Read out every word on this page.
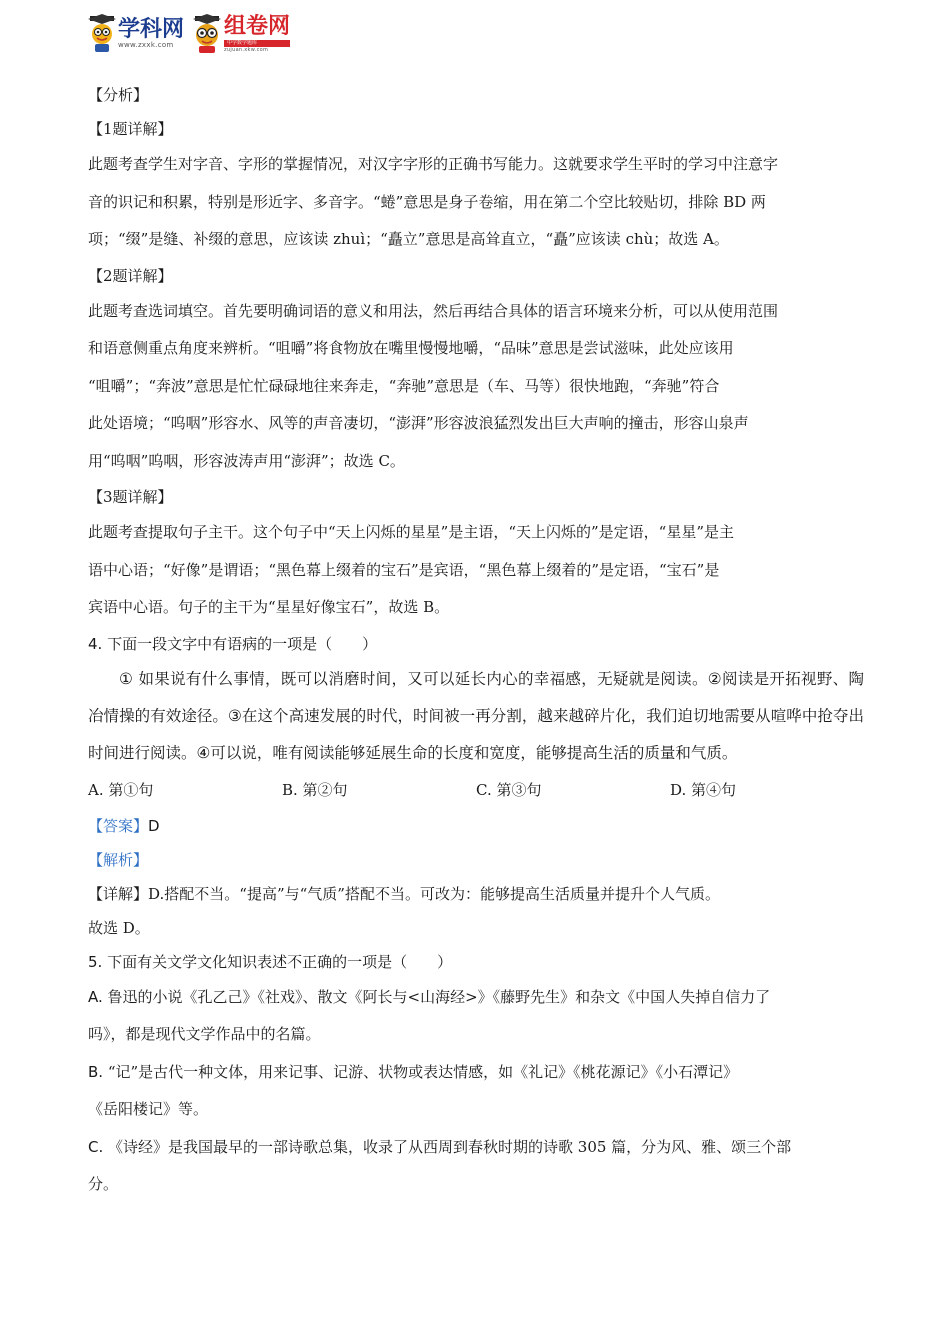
学科网
www.zxxk.com
组卷网
中学数学题库
zujuan.xkw.com

【分析】

【1题详解】

此题考查学生对字音、字形的掌握情况，对汉字字形的正确书写能力。这就要求学生平时的学习中注意字

音的识记和积累，特别是形近字、多音字。“蜷”意思是身子卷缩，用在第二个空比较贴切，排除 BD 两

项；“缀”是缝、补缀的意思，应该读 zhuì；“矗立”意思是高耸直立，“矗”应该读 chù；故选 A。

【2题详解】

此题考查选词填空。首先要明确词语的意义和用法，然后再结合具体的语言环境来分析，可以从使用范围

和语意侧重点角度来辨析。“咀嚼”将食物放在嘴里慢慢地嚼，“品味”意思是尝试滋味，此处应该用

“咀嚼”；“奔波”意思是忙忙碌碌地往来奔走，“奔驰”意思是（车、马等）很快地跑，“奔驰”符合

此处语境；“呜咽”形容水、风等的声音凄切，“澎湃”形容波浪猛烈发出巨大声响的撞击，形容山泉声

用“呜咽”呜咽，形容波涛声用“澎湃”；故选 C。

【3题详解】

此题考查提取句子主干。这个句子中“天上闪烁的星星”是主语，“天上闪烁的”是定语，“星星”是主

语中心语；“好像”是谓语；“黑色幕上缀着的宝石”是宾语，“黑色幕上缀着的”是定语，“宝石”是

宾语中心语。句子的主干为“星星好像宝石”，故选 B。

4. 下面一段文字中有语病的一项是（　　）

① 如果说有什么事情，既可以消磨时间，又可以延长内心的幸福感，无疑就是阅读。②阅读是开拓视野、陶冶情操的有效途径。③在这个高速发展的时代，时间被一再分割，越来越碎片化，我们迫切地需要从喧哗中抢夺出时间进行阅读。④可以说，唯有阅读能够延展生命的长度和宽度，能够提高生活的质量和气质。

A. 第①句	B. 第②句	C. 第③句	D. 第④句

【答案】D

【解析】

【详解】D.搭配不当。“提高”与“气质”搭配不当。可改为：能够提高生活质量并提升个人气质。

故选 D。

5. 下面有关文学文化知识表述不正确的一项是（　　）

A. 鲁迅的小说《孔乙己》《社戏》、散文《阿长与<山海经>》《藤野先生》和杂文《中国人失掉自信力了

吗》，都是现代文学作品中的名篇。

B. “记”是古代一种文体，用来记事、记游、状物或表达情感，如《礼记》《桃花源记》《小石潭记》

《岳阳楼记》等。

C. 《诗经》是我国最早的一部诗歌总集，收录了从西周到春秋时期的诗歌 305 篇，分为风、雅、颂三个部

分。
